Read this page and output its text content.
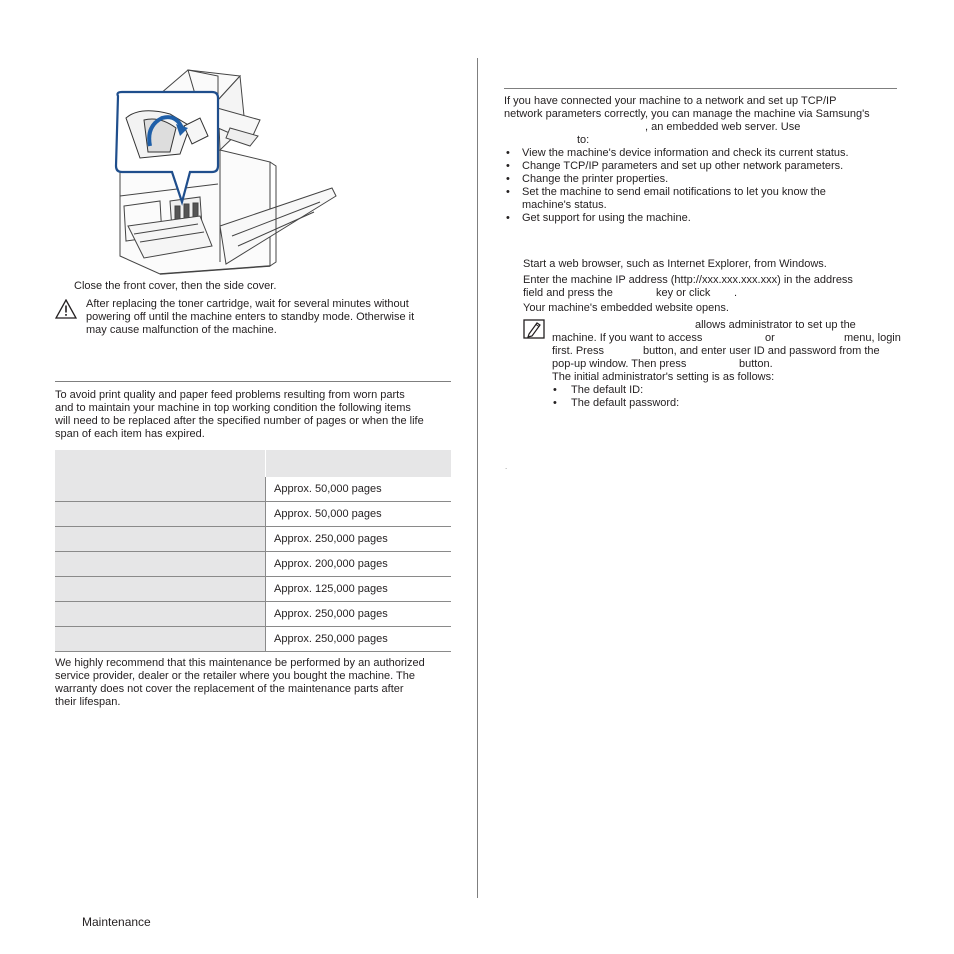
Close the front cover, then the side cover.
After replacing the toner cartridge, wait for several minutes without
powering off until the machine enters to standby mode. Otherwise it
may cause malfunction of the machine.
To avoid print quality and paper feed problems resulting from worn parts
and to maintain your machine in top working condition the following items
will need to be replaced after the specified number of pages or when the life
span of each item has expired.

	Approx. 50,000 pages
	Approx. 50,000 pages
	Approx. 250,000 pages
	Approx. 200,000 pages
	Approx. 125,000 pages
	Approx. 250,000 pages
	Approx. 250,000 pages
We highly recommend that this maintenance be performed by an authorized
service provider, dealer or the retailer where you bought the machine. The
warranty does not cover the replacement of the maintenance parts after
their lifespan.
If you have connected your machine to a network and set up TCP/IP
network parameters correctly, you can manage the machine via Samsung's
, an embedded web server. Use
to:
• View the machine's device information and check its current status.
• Change TCP/IP parameters and set up other network parameters.
• Change the printer properties.
• Set the machine to send email notifications to let you know the
machine's status.
• Get support for using the machine.
Start a web browser, such as Internet Explorer, from Windows.
Enter the machine IP address (http://xxx.xxx.xxx.xxx) in the address
field and press the	key or click .
Your machine's embedded website opens.
allows administrator to set up the
machine. If you want to access	or	menu, login
first. Press	button, and enter user ID and password from the
pop-up window. Then press	button.
The initial administrator's setting is as follows:
• The default ID:
• The default password:
.
Maintenance
